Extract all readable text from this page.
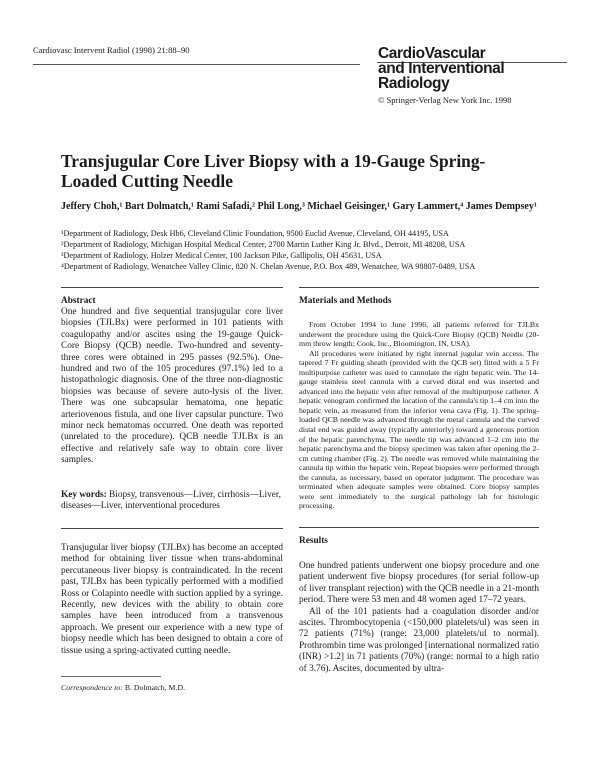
Cardiovasc Intervent Radiol (1998) 21:88–90	CardioVascular
and Interventional
Radiology
© Springer-Verlag New York Inc. 1998
Transjugular Core Liver Biopsy with a 19-Gauge Spring-Loaded Cutting Needle
Jeffery Choh,¹ Bart Dolmatch,¹ Rami Safadi,² Phil Long,³ Michael Geisinger,¹ Gary Lammert,⁴ James Dempsey¹
¹Department of Radiology, Desk Hb6, Cleveland Clinic Foundation, 9500 Euclid Avenue, Cleveland, OH 44195, USA
²Department of Radiology, Michigan Hospital Medical Center, 2700 Martin Luther King Jr. Blvd., Detroit, MI 48208, USA
³Department of Radiology, Holzer Medical Center, 100 Jackson Pike, Gallipolis, OH 45631, USA
⁴Department of Radiology, Wenatchee Valley Clinic, 820 N. Chelan Avenue, P.O. Box 489, Wenatchee, WA 98807-0489, USA
Abstract
One hundred and five sequential transjugular core liver biopsies (TJLBx) were performed in 101 patients with coagulopathy and/or ascites using the 19-gauge Quick-Core Biopsy (QCB) needle. Two-hundred and seventy-three cores were obtained in 295 passes (92.5%). One-hundred and two of the 105 procedures (97.1%) led to a histopathologic diagnosis. One of the three non-diagnostic biopsies was because of severe auto-lysis of the liver. There was one subcapsular hematoma, one hepatic arteriovenous fistula, and one liver capsular puncture. Two minor neck hematomas occurred. One death was reported (unrelated to the procedure). QCB needle TJLBx is an effective and relatively safe way to obtain core liver samples.
Key words: Biopsy, transvenous—Liver, cirrhosis—Liver, diseases—Liver, interventional procedures
Transjugular liver biopsy (TJLBx) has become an accepted method for obtaining liver tissue when trans-abdominal percutaneous liver biopsy is contraindicated. In the recent past, TJLBx has been typically performed with a modified Ross or Colapinto needle with suction applied by a syringe. Recently, new devices with the ability to obtain core samples have been introduced from a transvenous approach. We present our experience with a new type of biopsy needle which has been designed to obtain a core of tissue using a spring-activated cutting needle.
Correspondence to: B. Dolmatch, M.D.
Materials and Methods

From October 1994 to June 1996, all patients referred for TJLBx underwent the procedure using the Quick-Core Biopsy (QCB) Needle (20-mm throw length; Cook, Inc., Bloomington, IN, USA).

All procedures were initiated by right internal jugular vein access. The tapered 7 Fr guiding sheath (provided with the QCB set) fitted with a 5 Fr multipurpose catheter was used to cannulate the right hepatic vein. The 14-gauge stainless steel cannula with a curved distal end was inserted and advanced into the hepatic vein after removal of the multipurpose catheter. A hepatic venogram confirmed the location of the cannula's tip 1–4 cm into the hepatic vein, as measured from the inferior vena cava (Fig. 1). The spring-loaded QCB needle was advanced through the metal cannula and the curved distal end was guided away (typically anteriorly) toward a generous portion of the hepatic parenchyma. The needle tip was advanced 1–2 cm into the hepatic parenchyma and the biopsy specimen was taken after opening the 2-cm cutting chamber (Fig. 2). The needle was removed while maintaining the cannula tip within the hepatic vein. Repeat biopsies were performed through the cannula, as necessary, based on operator judgment. The procedure was terminated when adequate samples were obtained. Core biopsy samples were sent immediately to the surgical pathology lab for histologic processing.

Results

One hundred patients underwent one biopsy procedure and one patient underwent five biopsy procedures (for serial follow-up of liver transplant rejection) with the QCB needle in a 21-month period. There were 53 men and 48 women aged 17–72 years.

All of the 101 patients had a coagulation disorder and/or ascites. Thrombocytopenia (<150,000 platelets/ul) was seen in 72 patients (71%) (range: 23,000 platelets/ul to normal). Prothrombin time was prolonged [international normalized ratio (INR) >1.2] in 71 patients (70%) (range: normal to a high ratio of 3.76). Ascites, documented by ultra-
